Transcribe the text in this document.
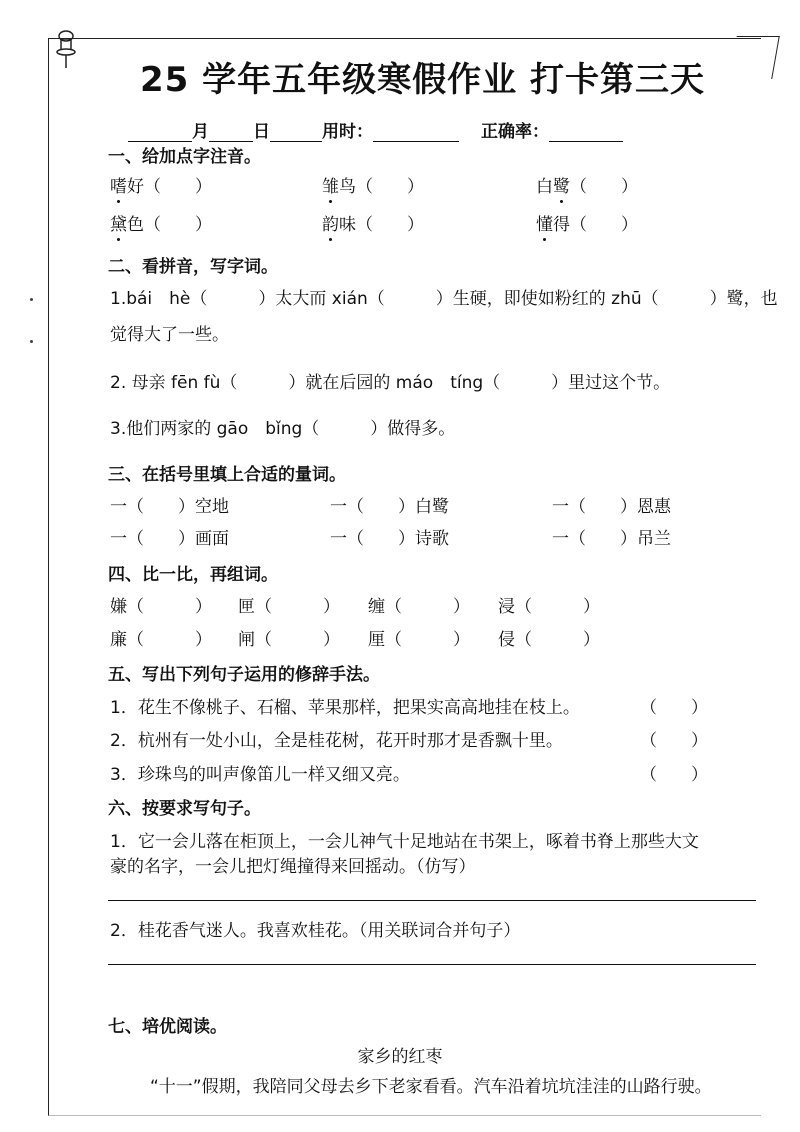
25 学年五年级寒假作业 打卡第三天
月	日	用时：	正确率：
一、给加点字注音。
嗜好（　　）	雏鸟（　　）	白鹭（　　）
黛色（　　）	韵味（　　）	懂得（　　）
二、看拼音，写字词。
1.bái　hè（　　　）太大而 xián（　　　）生硬，即使如粉红的 zhū（　　　）鹭，也
觉得大了一些。
2. 母亲 fēn fù（　　　）就在后园的 máo　tíng（　　　）里过这个节。
3.他们两家的 gāo　bǐng（　　　）做得多。
三、在括号里填上合适的量词。
一（　　）空地	一（　　）白鹭	一（　　）恩惠
一（　　）画面	一（　　）诗歌	一（　　）吊兰
四、比一比，再组词。
嫌（　　　） 匣（　　　） 缠（　　　） 浸（　　　）
廉（　　　） 闸（　　　） 厘（　　　） 侵（　　　）
五、写出下列句子运用的修辞手法。
1．花生不像桃子、石榴、苹果那样，把果实高高地挂在枝上。	（　　）
2．杭州有一处小山，全是桂花树，花开时那才是香飘十里。	（　　）
3．珍珠鸟的叫声像笛儿一样又细又亮。	（　　）
六、按要求写句子。
1．它一会儿落在柜顶上，一会儿神气十足地站在书架上，啄着书脊上那些大文
豪的名字，一会儿把灯绳撞得来回摇动。（仿写）
2．桂花香气迷人。我喜欢桂花。（用关联词合并句子）
七、培优阅读。
家乡的红枣
“十一”假期，我陪同父母去乡下老家看看。汽车沿着坑坑洼洼的山路行驶。
